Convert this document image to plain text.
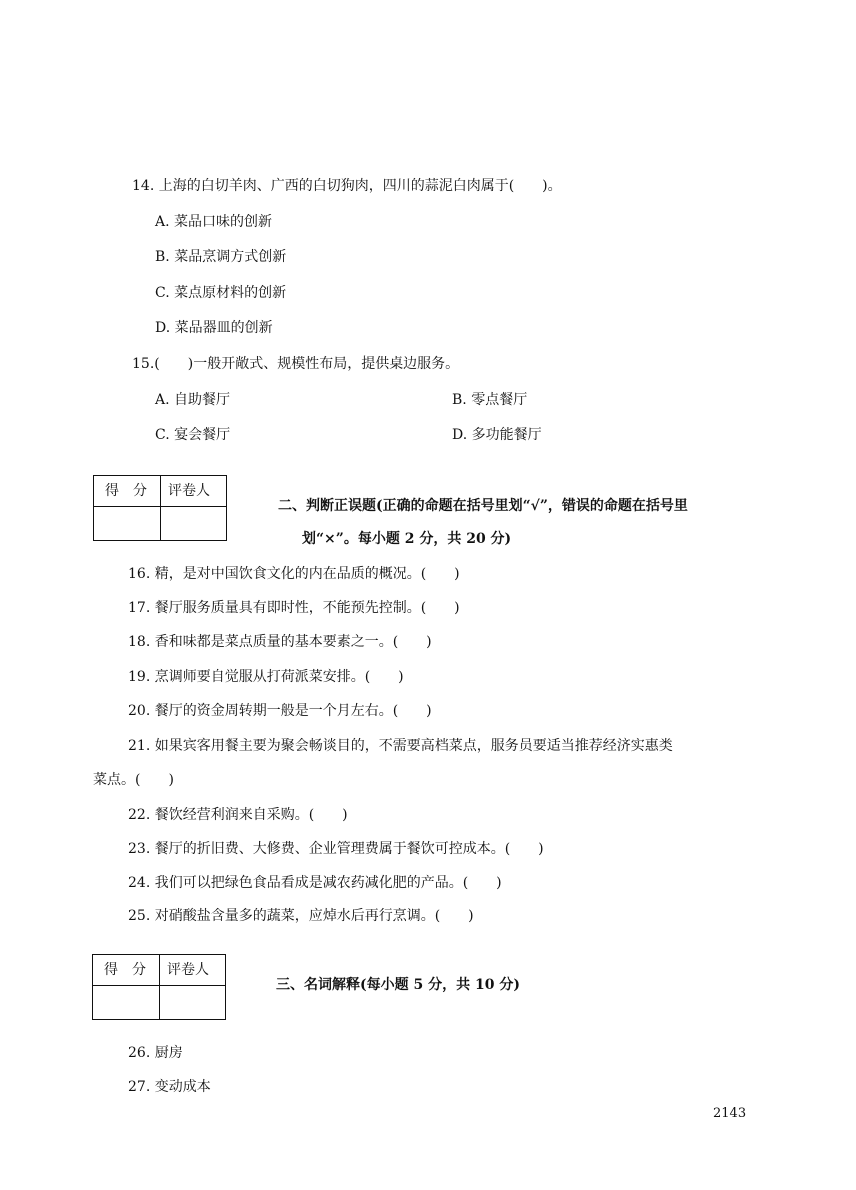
14. 上海的白切羊肉、广西的白切狗肉，四川的蒜泥白肉属于(　　)。
A. 菜品口味的创新
B. 菜品烹调方式创新
C. 菜点原材料的创新
D. 菜品器皿的创新
15.(　　)一般开敞式、规模性布局，提供桌边服务。
A. 自助餐厅	B. 零点餐厅
C. 宴会餐厅	D. 多功能餐厅
得　分 评卷人
二、判断正误题(正确的命题在括号里划“√”，错误的命题在括号里
划“×”。每小题 2 分，共 20 分)
16. 精，是对中国饮食文化的内在品质的概况。(　　)
17. 餐厅服务质量具有即时性，不能预先控制。(　　)
18. 香和味都是菜点质量的基本要素之一。(　　)
19. 烹调师要自觉服从打荷派菜安排。(　　)
20. 餐厅的资金周转期一般是一个月左右。(　　)
21. 如果宾客用餐主要为聚会畅谈目的，不需要高档菜点，服务员要适当推荐经济实惠类
菜点。(　　)
22. 餐饮经营利润来自采购。(　　)
23. 餐厅的折旧费、大修费、企业管理费属于餐饮可控成本。(　　)
24. 我们可以把绿色食品看成是减农药减化肥的产品。(　　)
25. 对硝酸盐含量多的蔬菜，应焯水后再行烹调。(　　)
得　分 评卷人
三、名词解释(每小题 5 分，共 10 分)
26. 厨房
27. 变动成本
2143
